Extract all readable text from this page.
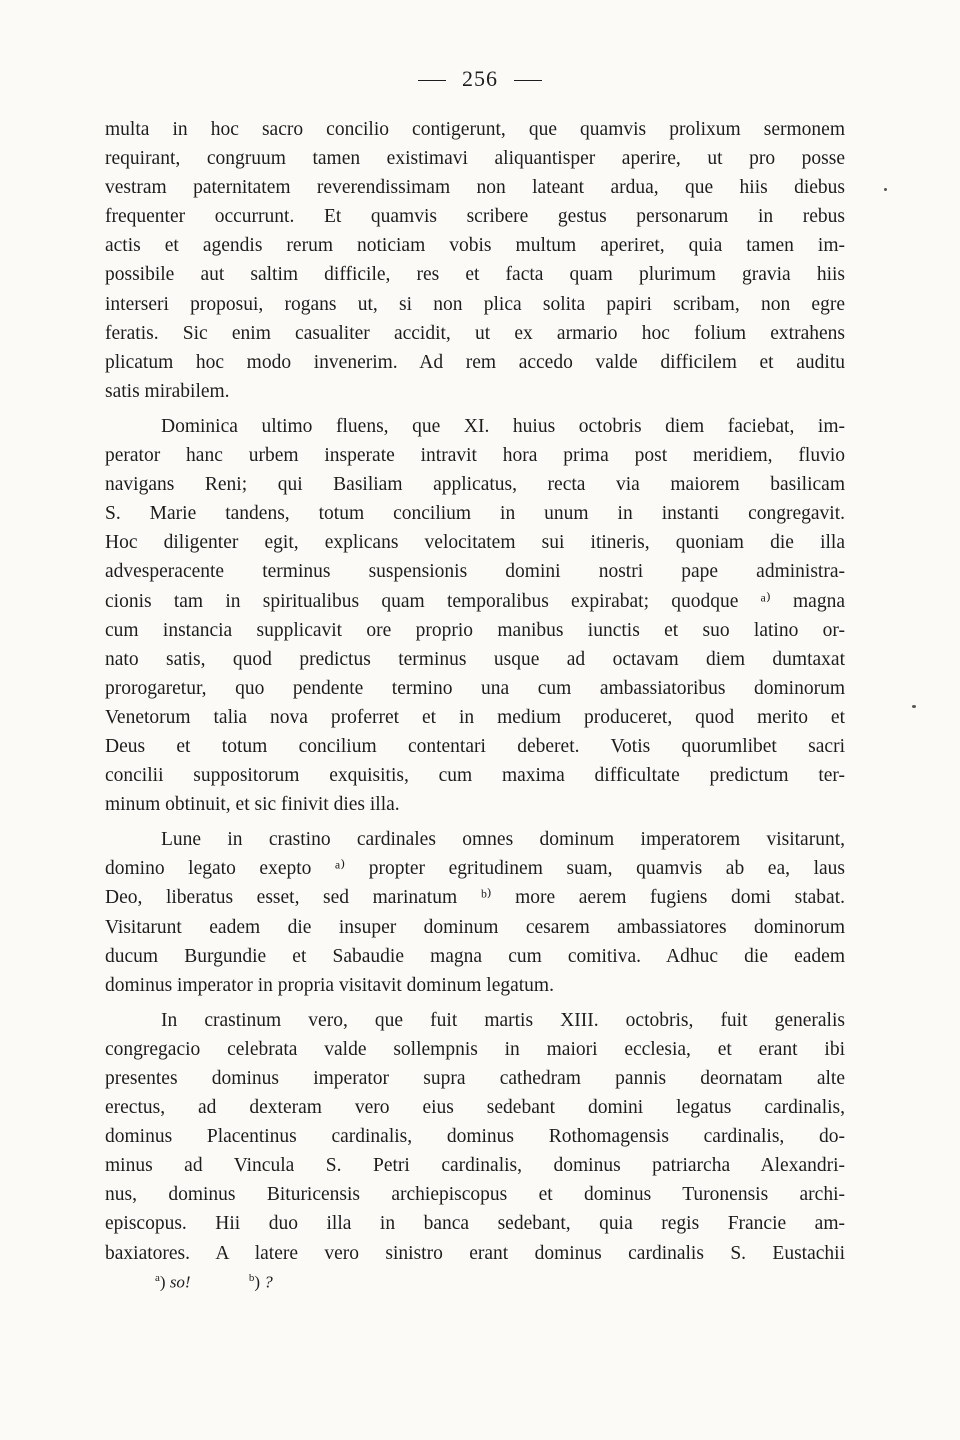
256
multa in hoc sacro concilio contigerunt, que quamvis prolixum sermonem
requirant, congruum tamen existimavi aliquantisper aperire, ut pro posse
vestram paternitatem reverendissimam non lateant ardua, que hiis diebus
frequenter occurrunt. Et quamvis scribere gestus personarum in rebus
actis et agendis rerum noticiam vobis multum aperiret, quia tamen im-
possibile aut saltim difficile, res et facta quam plurimum gravia hiis
interseri proposui, rogans ut, si non plica solita papiri scribam, non egre
feratis. Sic enim casualiter accidit, ut ex armario hoc folium extrahens
plicatum hoc modo invenerim. Ad rem accedo valde difficilem et auditu
satis mirabilem.
Dominica ultimo fluens, que XI. huius octobris diem faciebat, im-
perator hanc urbem insperate intravit hora prima post meridiem, fluvio
navigans Reni; qui Basiliam applicatus, recta via maiorem basilicam
S. Marie tandens, totum concilium in unum in instanti congregavit.
Hoc diligenter egit, explicans velocitatem sui itineris, quoniam die illa
advesperacente terminus suspensionis domini nostri pape administra-
cionis tam in spiritualibus quam temporalibus expirabat; quodque ᵃ⁾ magna
cum instancia supplicavit ore proprio manibus iunctis et suo latino or-
nato satis, quod predictus terminus usque ad octavam diem dumtaxat
prorogaretur, quo pendente termino una cum ambassiatoribus dominorum
Venetorum talia nova proferret et in medium produceret, quod merito et
Deus et totum concilium contentari deberet. Votis quorumlibet sacri
concilii suppositorum exquisitis, cum maxima difficultate predictum ter-
minum obtinuit, et sic finivit dies illa.
Lune in crastino cardinales omnes dominum imperatorem visitarunt,
domino legato exepto ᵃ⁾ propter egritudinem suam, quamvis ab ea, laus
Deo, liberatus esset, sed marinatum ᵇ⁾ more aerem fugiens domi stabat.
Visitarunt eadem die insuper dominum cesarem ambassiatores dominorum
ducum Burgundie et Sabaudie magna cum comitiva. Adhuc die eadem
dominus imperator in propria visitavit dominum legatum.
In crastinum vero, que fuit martis XIII. octobris, fuit generalis
congregacio celebrata valde sollempnis in maiori ecclesia, et erant ibi
presentes dominus imperator supra cathedram pannis deornatam alte
erectus, ad dexteram vero eius sedebant domini legatus cardinalis,
dominus Placentinus cardinalis, dominus Rothomagensis cardinalis, do-
minus ad Vincula S. Petri cardinalis, dominus patriarcha Alexandri-
nus, dominus Bituricensis archiepiscopus et dominus Turonensis archi-
episcopus. Hii duo illa in banca sedebant, quia regis Francie am-
baxiatores. A latere vero sinistro erant dominus cardinalis S. Eustachii
$^a$) so!	$^b$) ?
